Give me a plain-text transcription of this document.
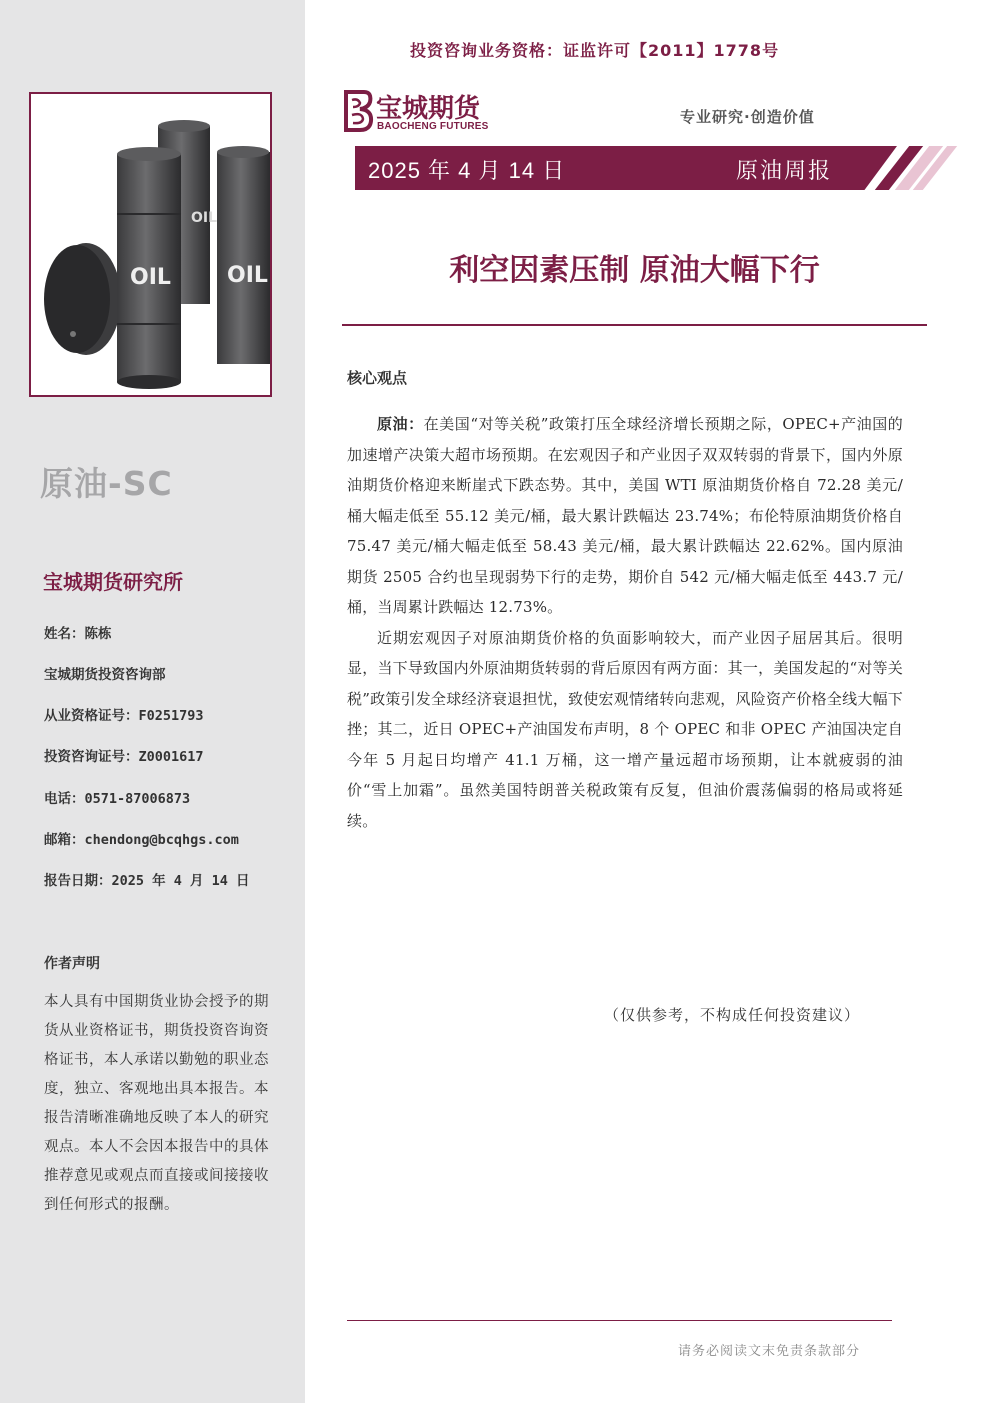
OIL	OIL
OIL
原油-SC
宝城期货研究所
姓名：陈栋
宝城期货投资咨询部
从业资格证号：F0251793
投资咨询证号：Z0001617
电话：0571-87006873
邮箱：chendong@bcqhgs.com
报告日期：2025 年 4 月 14 日
作者声明
本人具有中国期货业协会授予的期货从业资格证书，期货投资咨询资格证书，本人承诺以勤勉的职业态度，独立、客观地出具本报告。本报告清晰准确地反映了本人的研究观点。本人不会因本报告中的具体推荐意见或观点而直接或间接接收到任何形式的报酬。
投资咨询业务资格：证监许可【2011】1778号
宝城期货
BAOCHENG FUTURES
专业研究·创造价值
2025 年 4 月 14 日	原油周报
利空因素压制 原油大幅下行
核心观点

原油：在美国“对等关税”政策打压全球经济增长预期之际，OPEC+产油国的加速增产决策大超市场预期。在宏观因子和产业因子双双转弱的背景下，国内外原油期货价格迎来断崖式下跌态势。其中，美国 WTI 原油期货价格自 72.28 美元/桶大幅走低至 55.12 美元/桶，最大累计跌幅达 23.74%；布伦特原油期货价格自 75.47 美元/桶大幅走低至 58.43 美元/桶，最大累计跌幅达 22.62%。国内原油期货 2505 合约也呈现弱势下行的走势，期价自 542 元/桶大幅走低至 443.7 元/桶，当周累计跌幅达 12.73%。

近期宏观因子对原油期货价格的负面影响较大，而产业因子屈居其后。很明显，当下导致国内外原油期货转弱的背后原因有两方面：其一，美国发起的“对等关税”政策引发全球经济衰退担忧，致使宏观情绪转向悲观，风险资产价格全线大幅下挫；其二，近日 OPEC+产油国发布声明，8 个 OPEC 和非 OPEC 产油国决定自今年 5 月起日均增产 41.1 万桶，这一增产量远超市场预期，让本就疲弱的油价“雪上加霜”。虽然美国特朗普关税政策有反复，但油价震荡偏弱的格局或将延续。

（仅供参考，不构成任何投资建议）
请务必阅读文末免责条款部分
